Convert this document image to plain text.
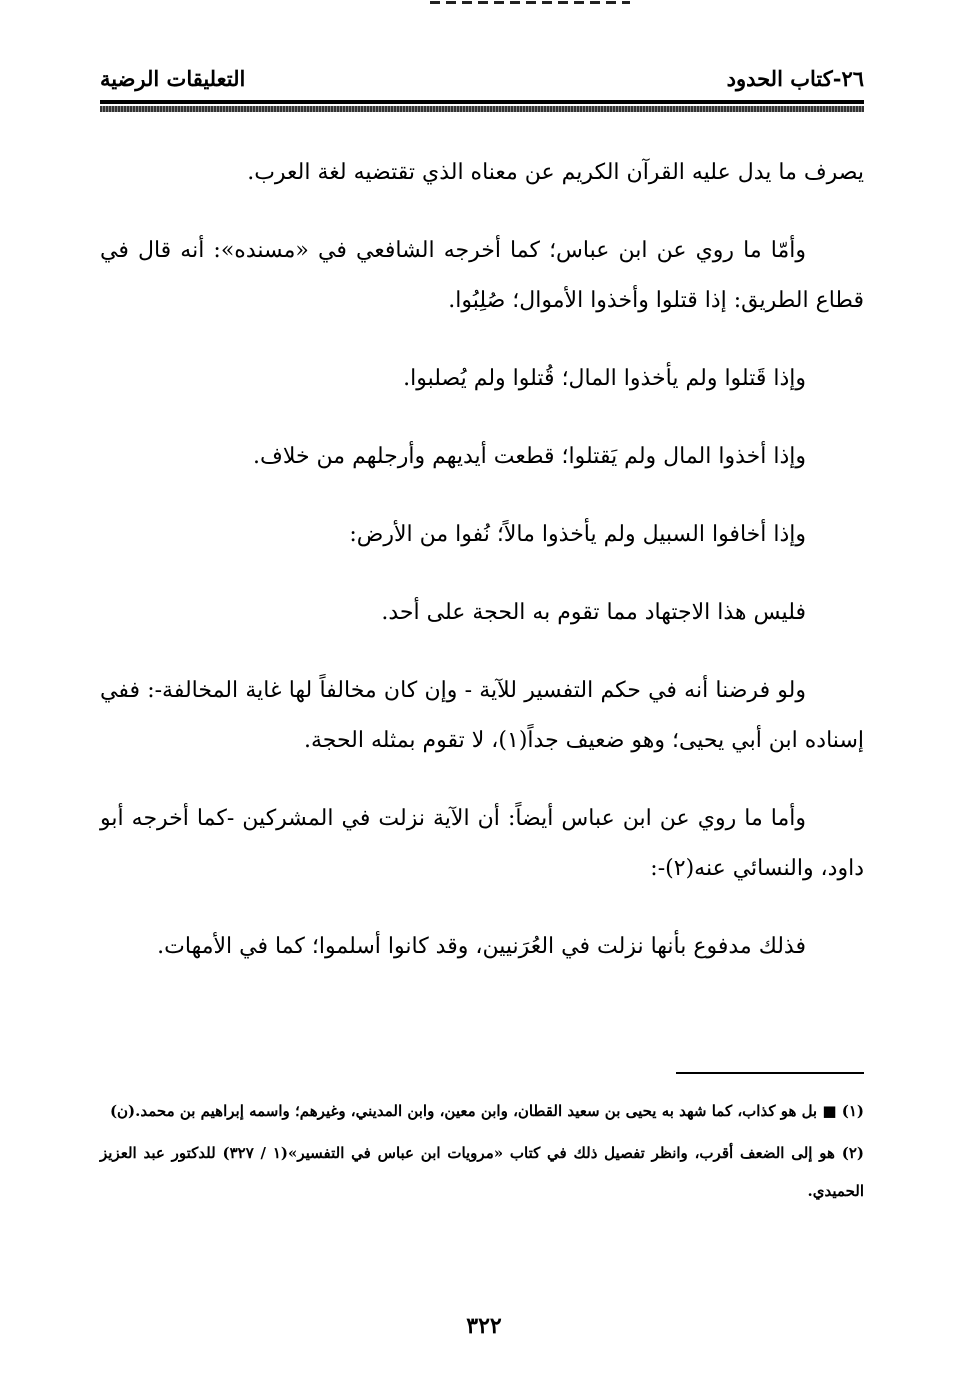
٢٦-كتاب الحدود
التعليقات الرضية

يصرف ما يدل عليه القرآن الكريم عن معناه الذي تقتضيه لغة العرب.

وأمّا ما روي عن ابن عباس؛ كما أخرجه الشافعي في «مسنده»: أنه قال في قطاع الطريق: إذا قتلوا وأخذوا الأموال؛ صُلِبُوا.

وإذا قَتلوا ولم يأخذوا المال؛ قُتلوا ولم يُصلبوا.

وإذا أخذوا المال ولم يَقتلوا؛ قطعت أيديهم وأرجلهم من خلاف.

وإذا أخافوا السبيل ولم يأخذوا مالاً؛ نُفوا من الأرض:

فليس هذا الاجتهاد مما تقوم به الحجة على أحد.

ولو فرضنا أنه في حكم التفسير للآية - وإن كان مخالفاً لها غاية المخالفة-: ففي إسناده ابن أبي يحيى؛ وهو ضعيف جداً(١)، لا تقوم بمثله الحجة.

وأما ما روي عن ابن عباس أيضاً: أن الآية نزلت في المشركين -كما أخرجه أبو داود، والنسائي عنه(٢)-:

فذلك مدفوع بأنها نزلت في العُرَنيين، وقد كانوا أسلموا؛ كما في الأمهات.

(١) ■ بل هو كذاب، كما شهد به يحيى بن سعيد القطان، وابن معين، وابن المديني، وغيرهم؛ واسمه إبراهيم بن محمد.(ن)

(٢) هو إلى الضعف أقرب، وانظر تفصيل ذلك في كتاب «مرويات ابن عباس في التفسير»(١ / ٣٢٧) للدكتور عبد العزيز الحميدي.

٣٢٢
